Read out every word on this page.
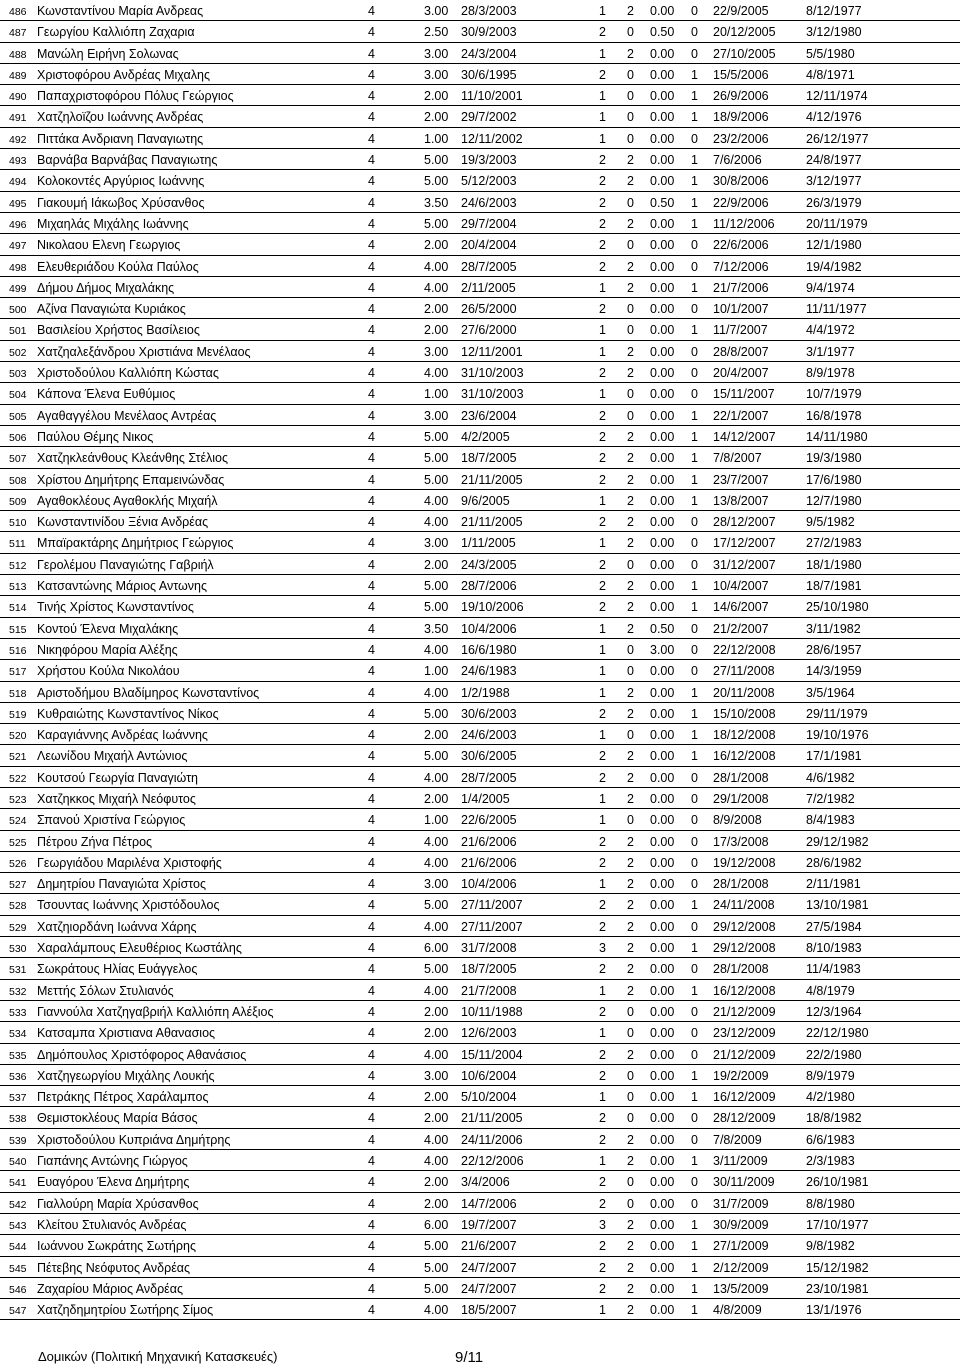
486 Κωνσταντίνου Μαρία Ανδρεας	4	3.00 28/3/2003	1 2 0.00 0 22/9/2005	8/12/1977
487 Γεωργίου Καλλιόπη Ζαχαρια	4	2.50 30/9/2003	2 0 0.50 0 20/12/2005 3/12/1980
488 Μανώλη Ειρήνη Σολωνας	4	3.00 24/3/2004	1 2 0.00 0 27/10/2005 5/5/1980
489 Χριστοφόρου Ανδρέας Μιχαλης	4	3.00 30/6/1995	2 0 0.00 1 15/5/2006	4/8/1971
490 Παπαχριστοφόρου Πόλυς Γεώργιος	4	2.00 11/10/2001	1 0 0.00 1 26/9/2006	12/11/1974
491 Χατζηλοϊζου Ιωάννης Ανδρέας	4	2.00 29/7/2002	1 0 0.00 1 18/9/2006	4/12/1976
492 Πιττάκα Ανδριανη Παναγιωτης	4	1.00 12/11/2002	1 0 0.00 0 23/2/2006	26/12/1977
493 Βαρνάβα Βαρνάβας Παναγιωτης	4	5.00 19/3/2003	2 2 0.00 1 7/6/2006	24/8/1977
494 Κολοκοντές Αργύριος Ιωάννης	4	5.00 5/12/2003	2 2 0.00 1 30/8/2006	3/12/1977
495 Γιακουμή Ιάκωβος Χρύσανθος	4	3.50 24/6/2003	2 0 0.50 1 22/9/2006	26/3/1979
496 Μιχαηλάς Μιχάλης Ιωάννης	4	5.00 29/7/2004	2 2 0.00 1 11/12/2006	20/11/1979
497 Νικολαου Ελενη Γεωργιος	4	2.00 20/4/2004	2 0 0.00 0 22/6/2006	12/1/1980
498 Ελευθεριάδου Κούλα Παύλος	4	4.00 28/7/2005	2 2 0.00 0 7/12/2006	19/4/1982
499 Δήμου Δήμος Μιχαλάκης	4	4.00 2/11/2005	1 2 0.00 1 21/7/2006	9/4/1974
500 Αζίνα Παναγιώτα Κυριάκος	4	2.00 26/5/2000	2 0 0.00 0 10/1/2007	11/11/1977
501 Βασιλείου Χρήστος Βασίλειος	4	2.00 27/6/2000	1 0 0.00 1 11/7/2007	4/4/1972
502 Χατζηαλεξάνδρου Χριστιάνα Μενέλαος	4	3.00 12/11/2001	1 2 0.00 0 28/8/2007	3/1/1977
503 Χριστοδούλου Καλλιόπη Κώστας	4	4.00 31/10/2003	2 2 0.00 0 20/4/2007	8/9/1978
504 Κάπονα Έλενα Ευθύμιος	4	1.00 31/10/2003	1 0 0.00 0 15/11/2007	10/7/1979
505 Αγαθαγγέλου Μενέλαος Αντρέας	4	3.00 23/6/2004	2 0 0.00 1 22/1/2007	16/8/1978
506 Παύλου Θέμης Νικος	4	5.00 4/2/2005	2 2 0.00 1 14/12/2007 14/11/1980
507 Χατζηκλεάνθους Κλεάνθης Στέλιος	4	5.00 18/7/2005	2 2 0.00 1 7/8/2007	19/3/1980
508 Χρίστου Δημήτρης Επαμεινώνδας	4	5.00 21/11/2005	2 2 0.00 1 23/7/2007	17/6/1980
509 Αγαθοκλέους Αγαθοκλής Μιχαήλ	4	4.00 9/6/2005	1 2 0.00 1 13/8/2007	12/7/1980
510 Κωνσταντινίδου Ξένια Ανδρέας	4	4.00 21/11/2005	2 2 0.00 0 28/12/2007 9/5/1982
511 Μπαϊρακτάρης Δημήτριος Γεώργιος	4	3.00 1/11/2005	1 2 0.00 0 17/12/2007 27/2/1983
512 Γερολέμου Παναγιώτης Γαβριήλ	4	2.00 24/3/2005	2 0 0.00 0 31/12/2007 18/1/1980
513 Κατσαντώνης Μάριος Αντωνης	4	5.00 28/7/2006	2 2 0.00 1 10/4/2007	18/7/1981
514 Τινής Χρίστος Κωνσταντίνος	4	5.00 19/10/2006	2 2 0.00 1 14/6/2007	25/10/1980
515 Κοντού Έλενα Μιχαλάκης	4	3.50 10/4/2006	1 2 0.50 0 21/2/2007	3/11/1982
516 Νικηφόρου Μαρία Αλέξης	4	4.00 16/6/1980	1 0 3.00 0 22/12/2008 28/6/1957
517 Χρήστου Κούλα Νικολάου	4	1.00 24/6/1983	1 0 0.00 0 27/11/2008	14/3/1959
518 Αριστοδήμου Βλαδίμηρος Κωνσταντίνος	4	4.00 1/2/1988	1 2 0.00 1 20/11/2008	3/5/1964
519 Κυθραιώτης Κωνσταντίνος Νίκος	4	5.00 30/6/2003	2 2 0.00 1 15/10/2008 29/11/1979
520 Καραγιάννης Ανδρέας Ιωάννης	4	2.00 24/6/2003	1 0 0.00 1 18/12/2008 19/10/1976
521 Λεωνίδου Μιχαήλ Αντώνιος	4	5.00 30/6/2005	2 2 0.00 1 16/12/2008 17/1/1981
522 Κουτσού Γεωργία Παναγιώτη	4	4.00 28/7/2005	2 2 0.00 0 28/1/2008	4/6/1982
523 Χατζηκκος Μιχαήλ Νεόφυτος	4	2.00 1/4/2005	1 2 0.00 0 29/1/2008	7/2/1982
524 Σπανού Χριστίνα Γεώργιος	4	1.00 22/6/2005	1 0 0.00 0 8/9/2008	8/4/1983
525 Πέτρου Ζήνα Πέτρος	4	4.00 21/6/2006	2 2 0.00 0 17/3/2008	29/12/1982
526 Γεωργιάδου Μαριλένα Χριστοφής	4	4.00 21/6/2006	2 2 0.00 0 19/12/2008 28/6/1982
527 Δημητρίου Παναγιώτα Χρίστος	4	3.00 10/4/2006	1 2 0.00 0 28/1/2008	2/11/1981
528 Τσουντας Ιωάννης Χριστόδουλος	4	5.00 27/11/2007	2 2 0.00 1 24/11/2008	13/10/1981
529 Χατζηιορδάνη Ιωάννα Χάρης	4	4.00 27/11/2007	2 2 0.00 0 29/12/2008 27/5/1984
530 Χαραλάμπους Ελευθέριος Κωστάλης	4	6.00 31/7/2008	3 2 0.00 1 29/12/2008 8/10/1983
531 Σωκράτους Ηλίας Ευάγγελος	4	5.00 18/7/2005	2 2 0.00 0 28/1/2008	11/4/1983
532 Μεττής Σόλων Στυλιανός	4	4.00 21/7/2008	1 2 0.00 1 16/12/2008 4/8/1979
533 Γιαννούλα Χατζηγαβριήλ Καλλιόπη Αλέξιος	4	2.00 10/11/1988	2 0 0.00 0 21/12/2009 12/3/1964
534 Κατσαμπα Χριστιανα Αθανασιος	4	2.00 12/6/2003	1 0 0.00 0 23/12/2009 22/12/1980
535 Δημόπουλος Χριστόφορος Αθανάσιος	4	4.00 15/11/2004	2 2 0.00 0 21/12/2009 22/2/1980
536 Χατζηγεωργίου Μιχάλης Λουκής	4	3.00 10/6/2004	2 0 0.00 1 19/2/2009	8/9/1979
537 Πετράκης Πέτρος Χαράλαμπος	4	2.00 5/10/2004	1 0 0.00 1 16/12/2009 4/2/1980
538 Θεμιστοκλέους Μαρία Βάσος	4	2.00 21/11/2005	2 0 0.00 0 28/12/2009 18/8/1982
539 Χριστοδούλου Κυπριάνα Δημήτρης	4	4.00 24/11/2006	2 2 0.00 0 7/8/2009	6/6/1983
540 Γιαπάνης Αντώνης Γιώργος	4	4.00 22/12/2006	1 2 0.00 1 3/11/2009	2/3/1983
541 Ευαγόρου Έλενα Δημήτρης	4	2.00 3/4/2006	2 0 0.00 0 30/11/2009	26/10/1981
542 Γιαλλούρη Μαρία Χρύσανθος	4	2.00 14/7/2006	2 0 0.00 0 31/7/2009	8/8/1980
543 Κλείτου Στυλιανός Ανδρέας	4	6.00 19/7/2007	3 2 0.00 1 30/9/2009	17/10/1977
544 Ιωάννου Σωκράτης Σωτήρης	4	5.00 21/6/2007	2 2 0.00 1 27/1/2009	9/8/1982
545 Πέτεβης Νεόφυτος Ανδρέας	4	5.00 24/7/2007	2 2 0.00 1 2/12/2009	15/12/1982
546 Ζαχαρίου Μάριος Ανδρέας	4	5.00 24/7/2007	2 2 0.00 1 13/5/2009	23/10/1981
547 Χατζηδημητρίου Σωτήρης Σίμος	4	4.00 18/5/2007	1 2 0.00 1 4/8/2009	13/1/1976
Δομικών (Πολιτική Μηχανική Κατασκευές)	9/11
